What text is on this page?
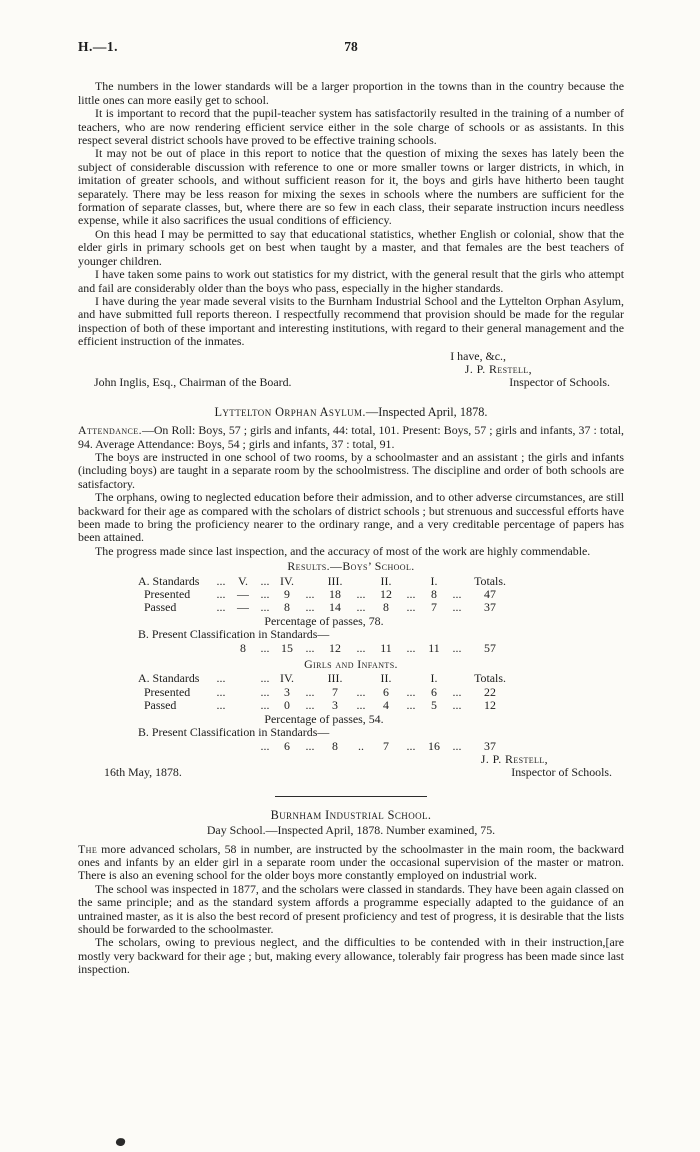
H.—1.	78

The numbers in the lower standards will be a larger proportion in the towns than in the country because the little ones can more easily get to school.

It is important to record that the pupil-teacher system has satisfactorily resulted in the training of a number of teachers, who are now rendering efficient service either in the sole charge of schools or as assistants. In this respect several district schools have proved to be effective training schools.

It may not be out of place in this report to notice that the question of mixing the sexes has lately been the subject of considerable discussion with reference to one or more smaller towns or larger districts, in which, in imitation of greater schools, and without sufficient reason for it, the boys and girls have hitherto been taught separately. There may be less reason for mixing the sexes in schools where the numbers are sufficient for the formation of separate classes, but, where there are so few in each class, their separate instruction incurs needless expense, while it also sacrifices the usual conditions of efficiency.

On this head I may be permitted to say that educational statistics, whether English or colonial, show that the elder girls in primary schools get on best when taught by a master, and that females are the best teachers of younger children.

I have taken some pains to work out statistics for my district, with the general result that the girls who attempt and fail are considerably older than the boys who pass, especially in the higher standards.

I have during the year made several visits to the Burnham Industrial School and the Lyttelton Orphan Asylum, and have submitted full reports thereon. I respectfully recommend that provision should be made for the regular inspection of both of these important and interesting institutions, with regard to their general management and the efficient instruction of the inmates.

I have, &c.,
J. P. Restell,
John Inglis, Esq., Chairman of the Board.	Inspector of Schools.
Lyttelton Orphan Asylum.—Inspected April, 1878.

Attendance.—On Roll: Boys, 57 ; girls and infants, 44: total, 101. Present: Boys, 57 ; girls and infants, 37 : total, 94. Average Attendance: Boys, 54 ; girls and infants, 37 : total, 91.

The boys are instructed in one school of two rooms, by a schoolmaster and an assistant ; the girls and infants (including boys) are taught in a separate room by the schoolmistress. The discipline and order of both schools are satisfactory.

The orphans, owing to neglected education before their admission, and to other adverse circumstances, are still backward for their age as compared with the scholars of district schools ; but strenuous and successful efforts have been made to bring the proficiency nearer to the ordinary range, and a very creditable percentage of papers has been attained.

The progress made since last inspection, and the accuracy of most of the work are highly commendable.

Results.—Boys’ School.
A. Standards	...	V.	... IV.	III.	II.	I.	Totals.
Presented	... — ...	9	...	18	...	12	...	8	...	47
Passed	... — ...	8	...	14	...	8	...	7	...	37
Percentage of passes, 78.
B. Present Classification in Standards—
8	... 15	...	12	...	11	...	11	...	57
Girls and Infants.
A. Standards	...	... IV.	III.	II.	I.	Totals.
Presented	...	...	3	...	7	...	6	...	6	...	22
Passed	...	...	0	...	3	...	4	...	5	...	12
Percentage of passes, 54.
B. Present Classification in Standards—
...	6	...	8	..	7	...	16	...	37
J. P. Restell,
16th May, 1878.	Inspector of Schools.
Burnham Industrial School.
Day School.—Inspected April, 1878. Number examined, 75.

The more advanced scholars, 58 in number, are instructed by the schoolmaster in the main room, the backward ones and infants by an elder girl in a separate room under the occasional supervision of the master or matron. There is also an evening school for the older boys more constantly employed on industrial work.

The school was inspected in 1877, and the scholars were classed in standards. They have been again classed on the same principle; and as the standard system affords a programme especially adapted to the guidance of an untrained master, as it is also the best record of present proficiency and test of progress, it is desirable that the lists should be forwarded to the schoolmaster.

The scholars, owing to previous neglect, and the difficulties to be contended with in their instruction,[are mostly very backward for their age ; but, making every allowance, tolerably fair progress has been made since last inspection.
